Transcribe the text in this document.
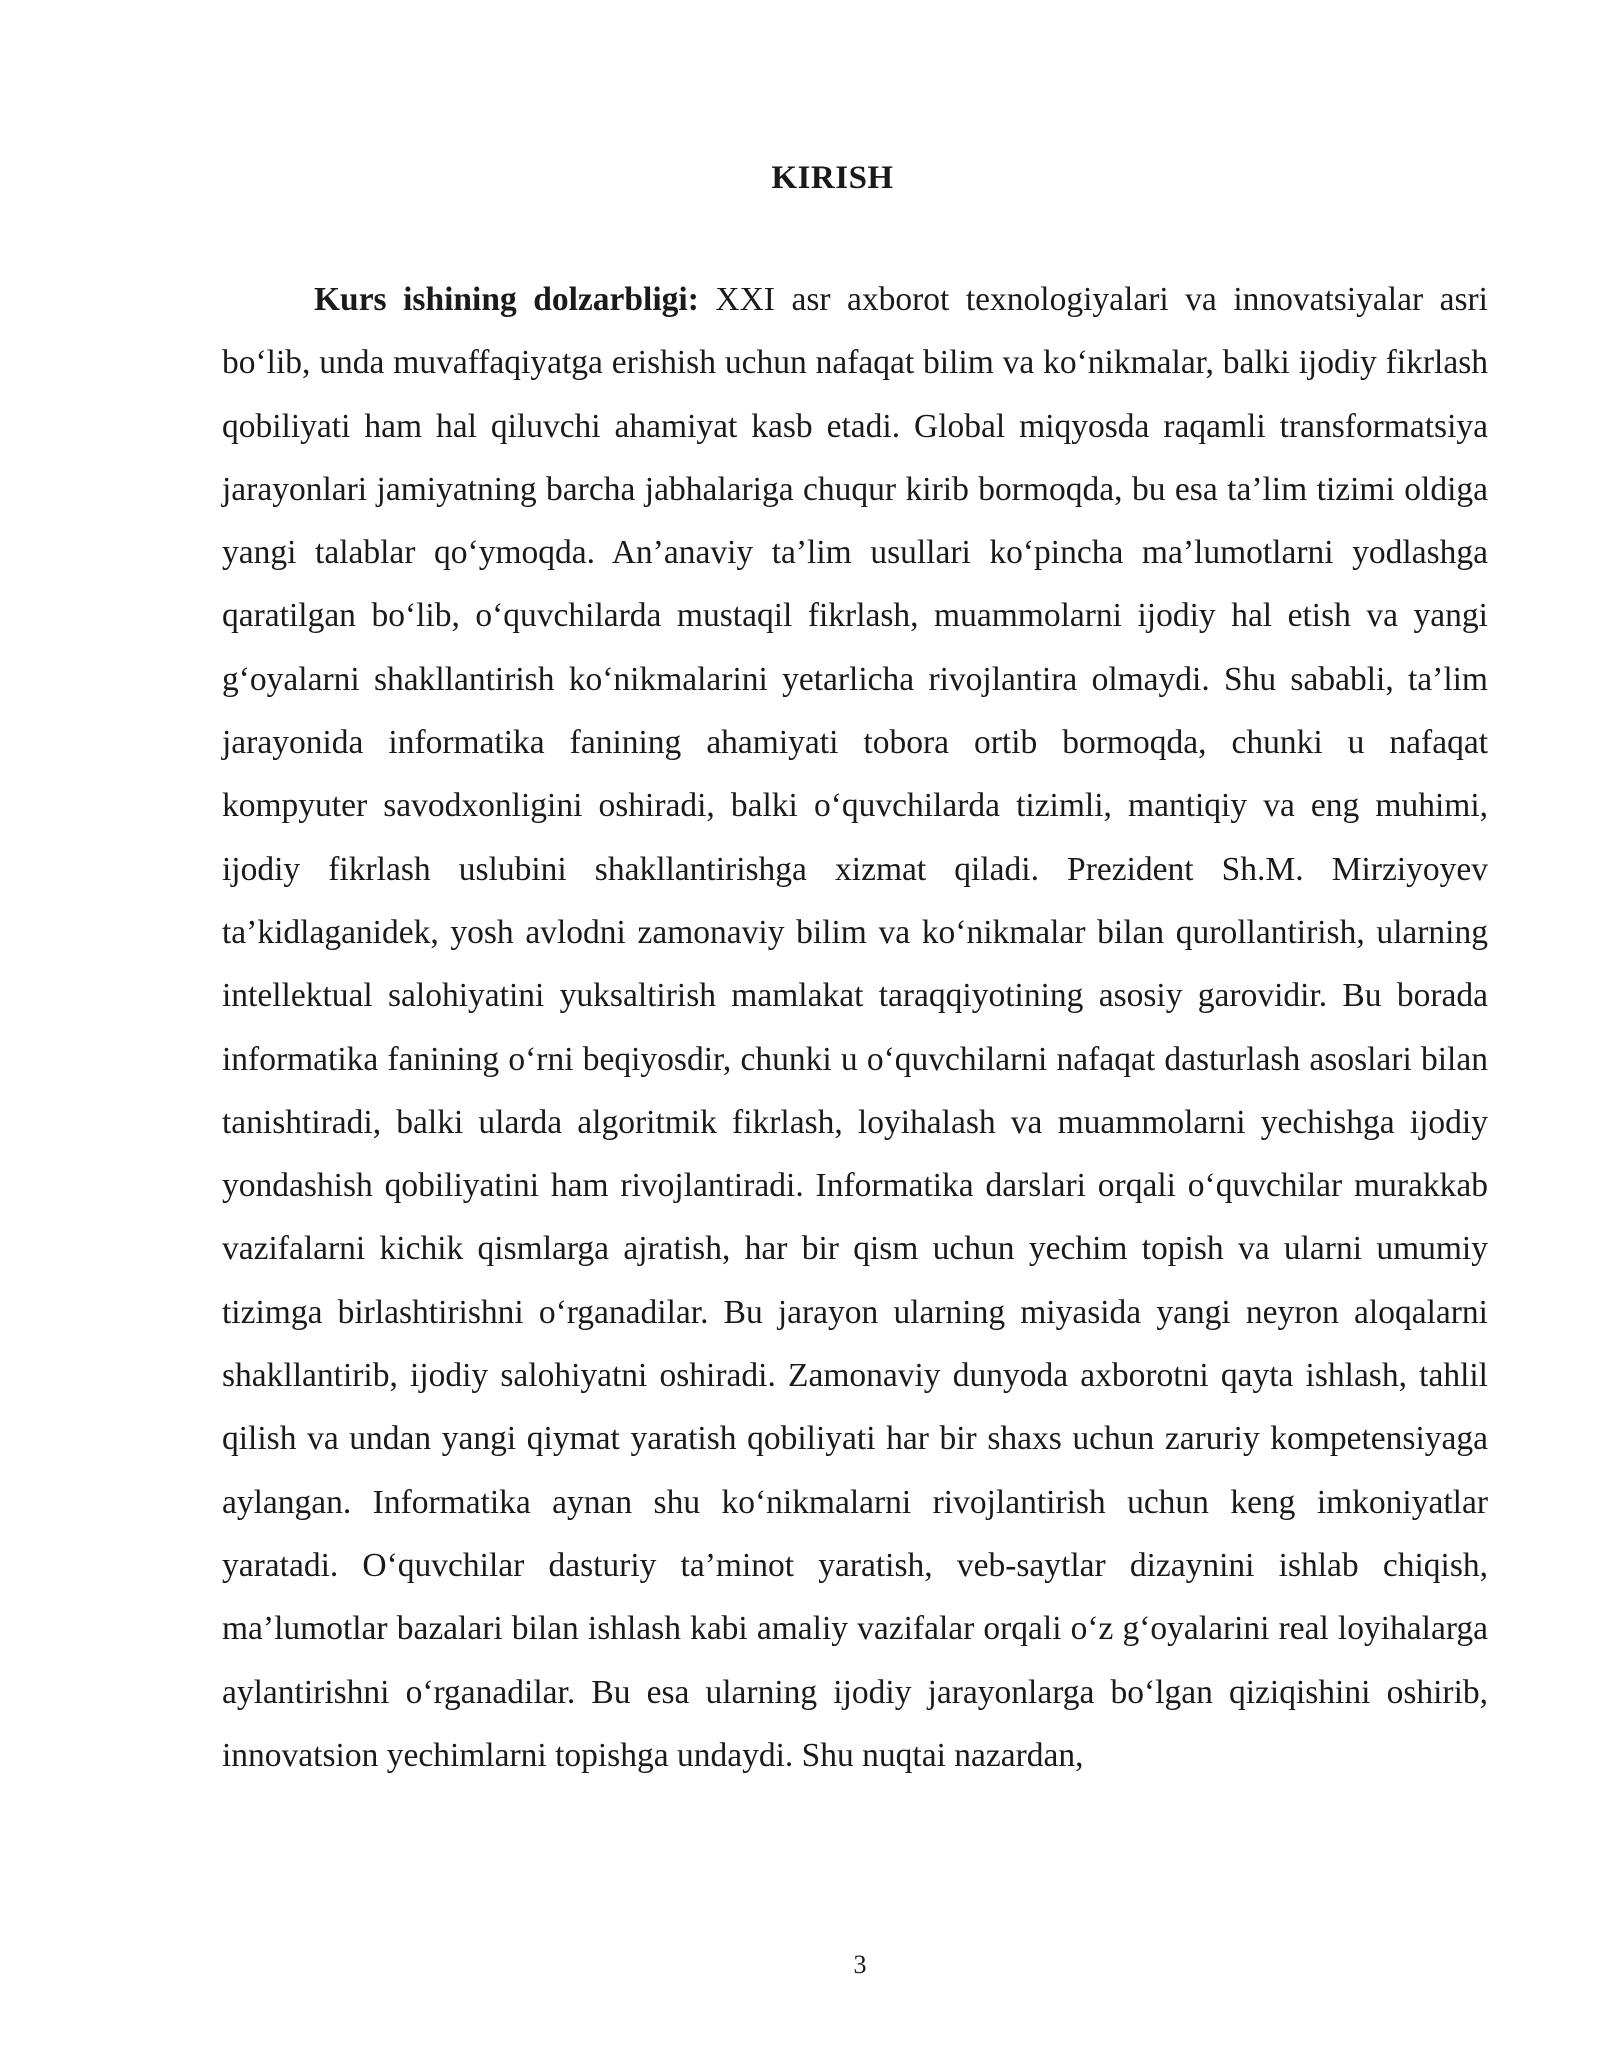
KIRISH

Kurs ishining dolzarbligi: XXI asr axborot texnologiyalari va innovatsiyalar asri bo‘lib, unda muvaffaqiyatga erishish uchun nafaqat bilim va ko‘nikmalar, balki ijodiy fikrlash qobiliyati ham hal qiluvchi ahamiyat kasb etadi. Global miqyosda raqamli transformatsiya jarayonlari jamiyatning barcha jabhalariga chuqur kirib bormoqda, bu esa ta’lim tizimi oldiga yangi talablar qo‘ymoqda. An’anaviy ta’lim usullari ko‘pincha ma’lumotlarni yodlashga qaratilgan bo‘lib, o‘quvchilarda mustaqil fikrlash, muammolarni ijodiy hal etish va yangi g‘oyalarni shakllantirish ko‘nikmalarini yetarlicha rivojlantira olmaydi. Shu sababli, ta’lim jarayonida informatika fanining ahamiyati tobora ortib bormoqda, chunki u nafaqat kompyuter savodxonligini oshiradi, balki o‘quvchilarda tizimli, mantiqiy va eng muhimi, ijodiy fikrlash uslubini shakllantirishga xizmat qiladi. Prezident Sh.M. Mirziyoyev ta’kidlaganidek, yosh avlodni zamonaviy bilim va ko‘nikmalar bilan qurollantirish, ularning intellektual salohiyatini yuksaltirish mamlakat taraqqiyotining asosiy garovidir. Bu borada informatika fanining o‘rni beqiyosdir, chunki u o‘quvchilarni nafaqat dasturlash asoslari bilan tanishtiradi, balki ularda algoritmik fikrlash, loyihalash va muammolarni yechishga ijodiy yondashish qobiliyatini ham rivojlantiradi. Informatika darslari orqali o‘quvchilar murakkab vazifalarni kichik qismlarga ajratish, har bir qism uchun yechim topish va ularni umumiy tizimga birlashtirishni o‘rganadilar. Bu jarayon ularning miyasida yangi neyron aloqalarni shakllantirib, ijodiy salohiyatni oshiradi. Zamonaviy dunyoda axborotni qayta ishlash, tahlil qilish va undan yangi qiymat yaratish qobiliyati har bir shaxs uchun zaruriy kompetensiyaga aylangan. Informatika aynan shu ko‘nikmalarni rivojlantirish uchun keng imkoniyatlar yaratadi. O‘quvchilar dasturiy ta’minot yaratish, veb-saytlar dizaynini ishlab chiqish, ma’lumotlar bazalari bilan ishlash kabi amaliy vazifalar orqali o‘z g‘oyalarini real loyihalarga aylantirishni o‘rganadilar. Bu esa ularning ijodiy jarayonlarga bo‘lgan qiziqishini oshirib, innovatsion yechimlarni topishga undaydi. Shu nuqtai nazardan,

3
